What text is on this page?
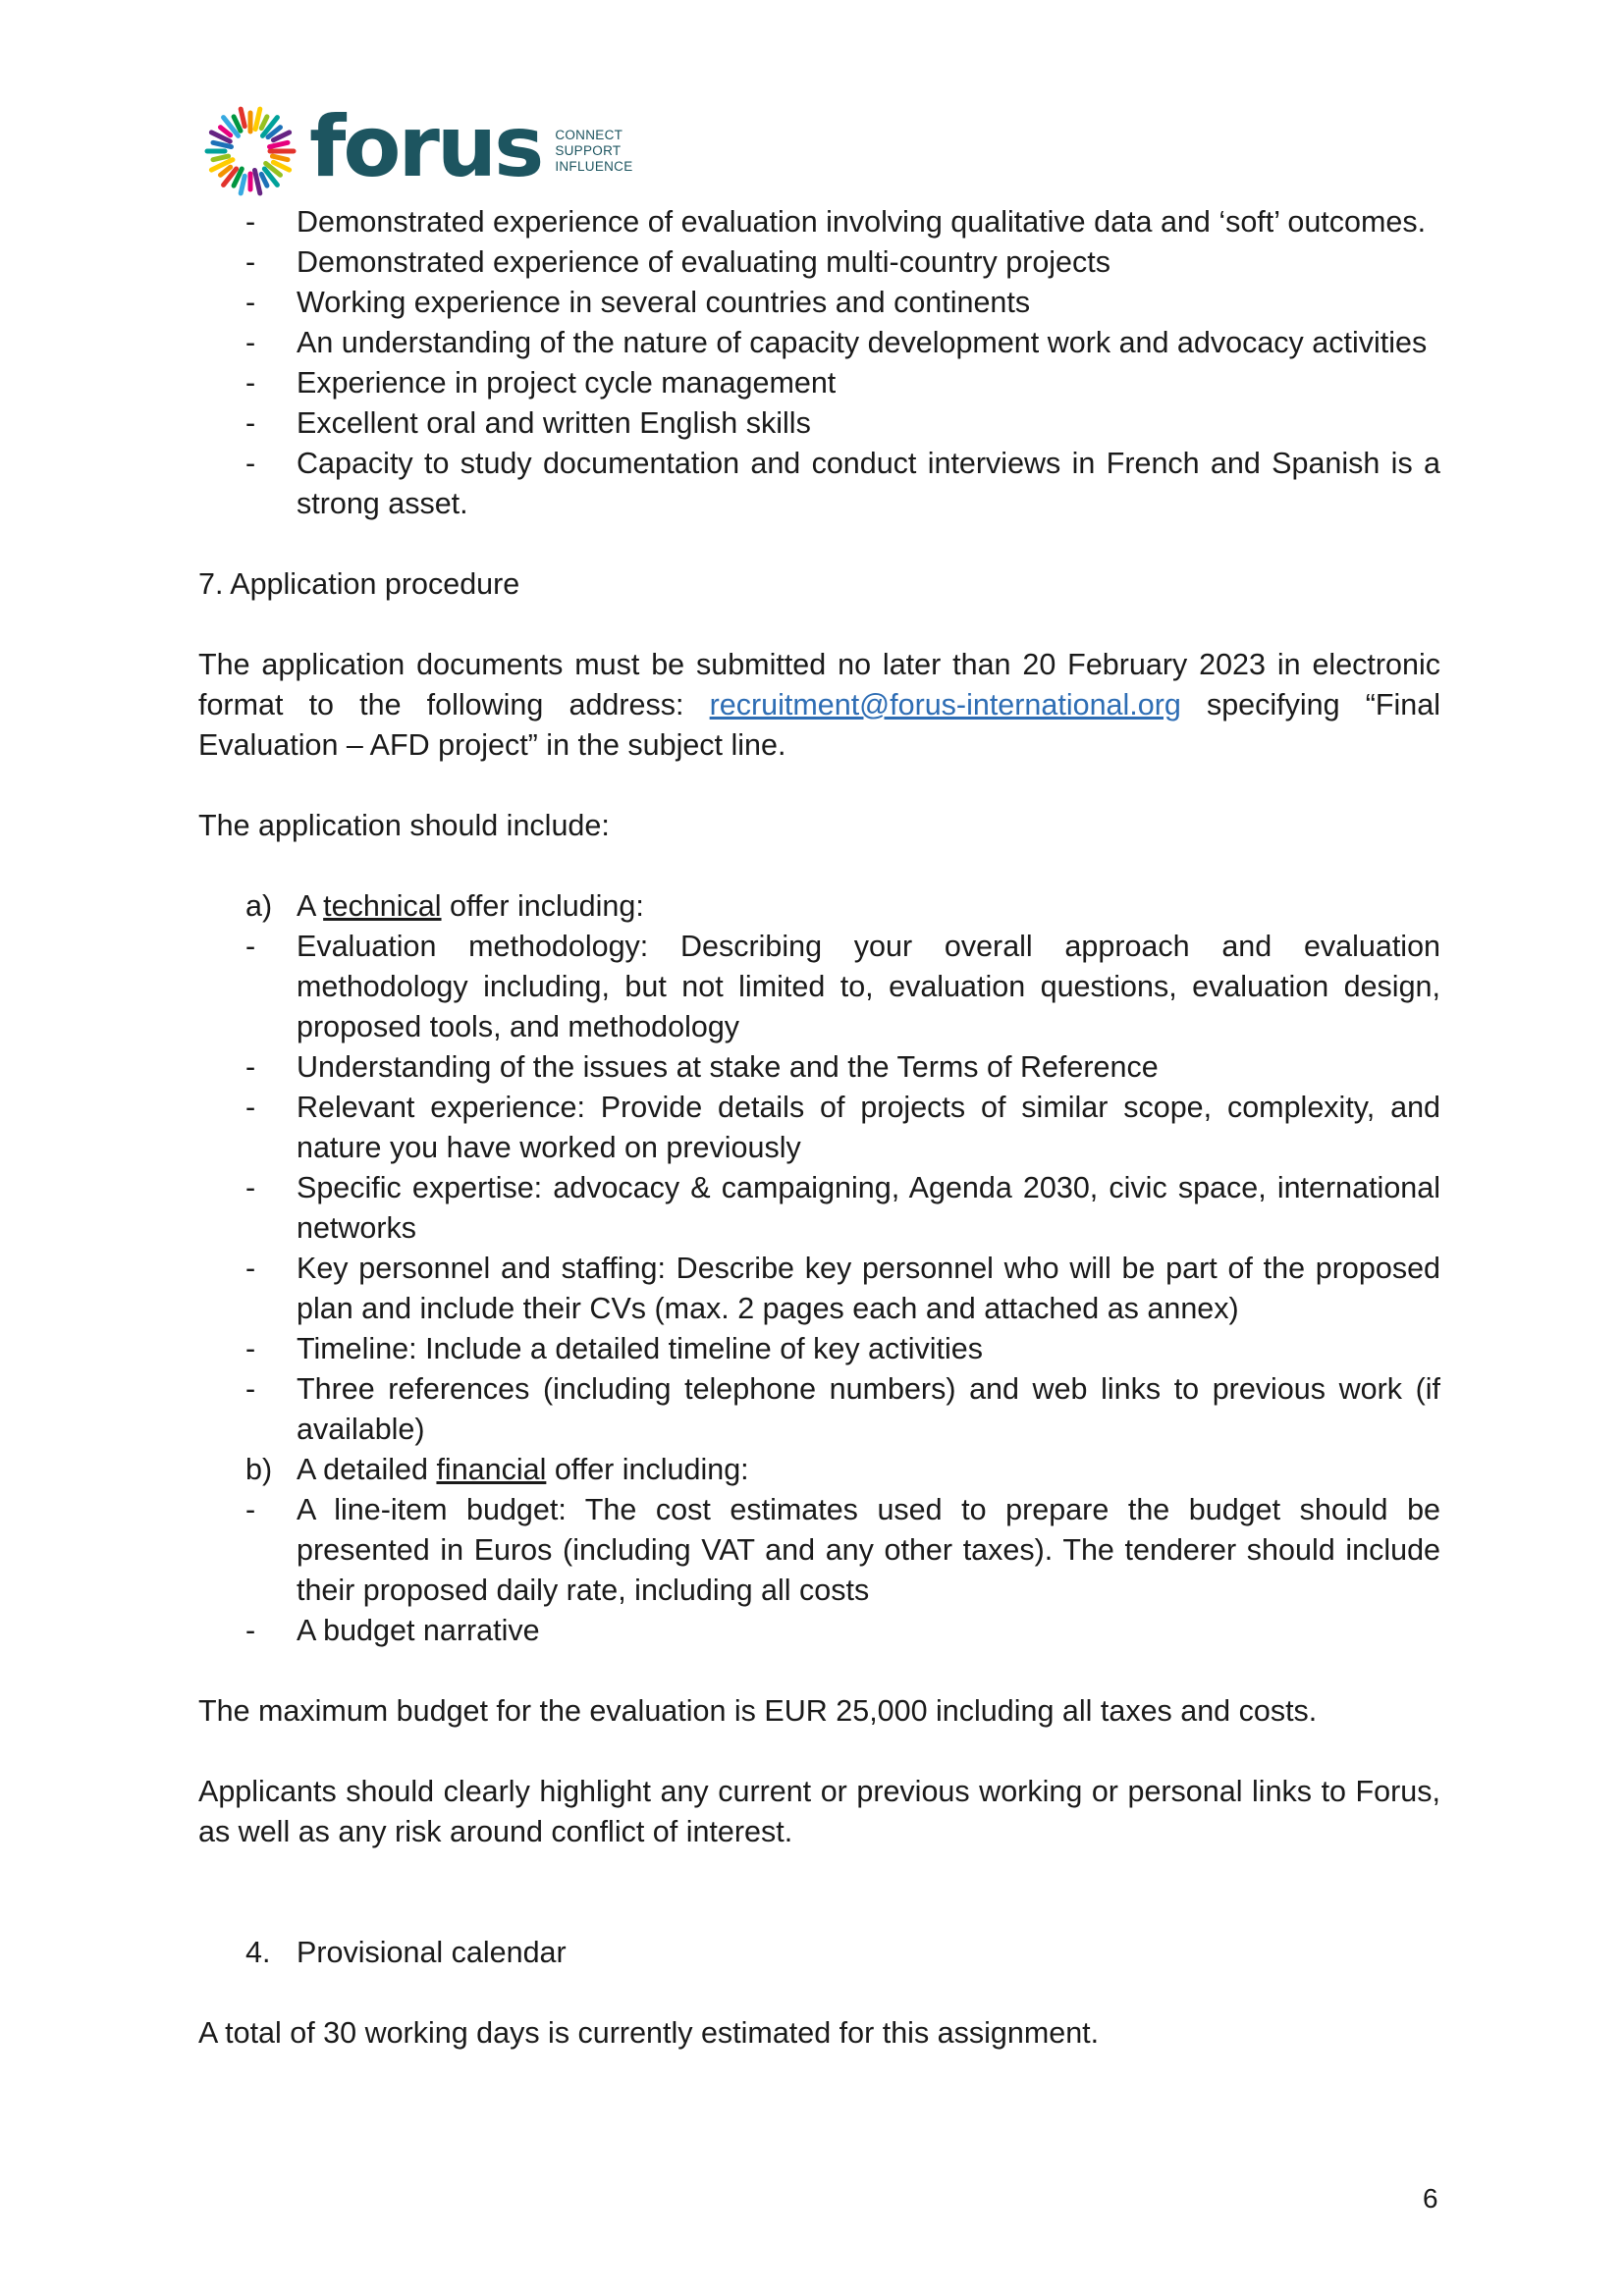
forus CONNECT
SUPPORT
INFLUENCE
-	Demonstrated experience of evaluation involving qualitative data and ‘soft’ outcomes.
-	Demonstrated experience of evaluating multi-country projects
-	Working experience in several countries and continents
-	An understanding of the nature of capacity development work and advocacy activities
-	Experience in project cycle management
-	Excellent oral and written English skills
-	Capacity to study documentation and conduct interviews in French and Spanish is a strong asset.
7. Application procedure

The application documents must be submitted no later than 20 February 2023 in electronic format to the following address: recruitment@forus-international.org specifying “Final Evaluation – AFD project” in the subject line.

The application should include:
a) A technical offer including:
-	Evaluation methodology: Describing your overall approach and evaluation methodology including, but not limited to, evaluation questions, evaluation design, proposed tools, and methodology
-	Understanding of the issues at stake and the Terms of Reference
-	Relevant experience: Provide details of projects of similar scope, complexity, and nature you have worked on previously
-	Specific expertise: advocacy & campaigning, Agenda 2030, civic space, international networks
-	Key personnel and staffing: Describe key personnel who will be part of the proposed plan and include their CVs (max. 2 pages each and attached as annex)
-	Timeline: Include a detailed timeline of key activities
-	Three references (including telephone numbers) and web links to previous work (if available)
b) A detailed financial offer including:
-	A line-item budget: The cost estimates used to prepare the budget should be presented in Euros (including VAT and any other taxes). The tenderer should include their proposed daily rate, including all costs
-	A budget narrative

The maximum budget for the evaluation is EUR 25,000 including all taxes and costs.

Applicants should clearly highlight any current or previous working or personal links to Forus, as well as any risk around conflict of interest.

4. Provisional calendar

A total of 30 working days is currently estimated for this assignment.

6
